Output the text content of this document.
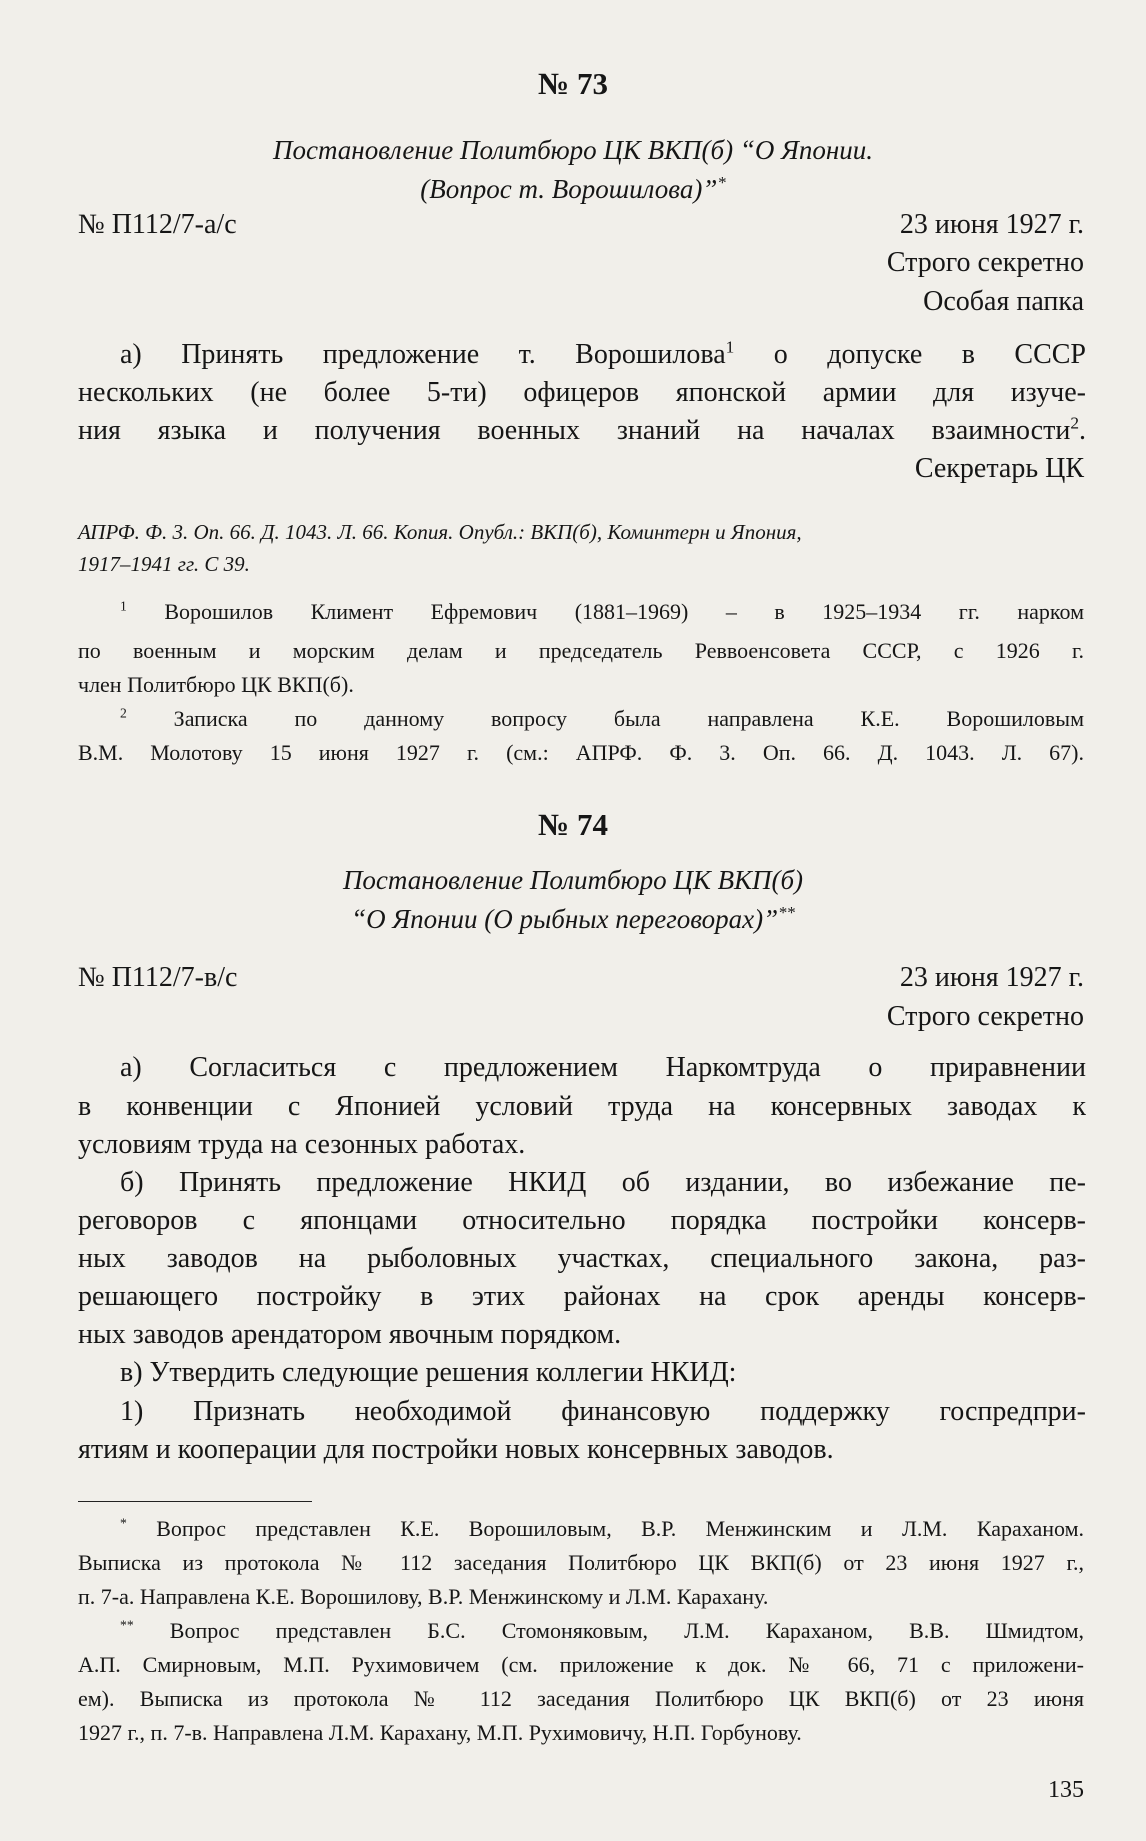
№ 73

Постановление Политбюро ЦК ВКП(б) “О Японии.

(Вопрос т. Ворошилова)”*

№ П112/7-а/с	23 июня 1927 г.

Строго секретно

Особая папка

а) Принять предложение т. Ворошилова$^1$ о допуске в СССР

нескольких (не более 5-ти) офицеров японской армии для изуче-

ния языка и получения военных знаний на началах взаимности$^2$.

Секретарь ЦК

АПРФ. Ф. 3. Оп. 66. Д. 1043. Л. 66. Копия. Опубл.: ВКП(б), Коминтерн и Япония,

1917–1941 гг. С 39.

$^1$ Ворошилов Климент Ефремович (1881–1969) – в 1925–1934 гг. нарком

по военным и морским делам и председатель Реввоенсовета СССР, с 1926 г.

член Политбюро ЦК ВКП(б).

$^2$ Записка по данному вопросу была направлена К.Е. Ворошиловым

В.М. Молотову 15 июня 1927 г. (см.: АПРФ. Ф. 3. Оп. 66. Д. 1043. Л. 67).

№ 74

Постановление Политбюро ЦК ВКП(б)

“О Японии (О рыбных переговорах)”**

№ П112/7-в/с	23 июня 1927 г.

Строго секретно

а) Согласиться с предложением Наркомтруда о приравнении

в конвенции с Японией условий труда на консервных заводах к

условиям труда на сезонных работах.

б) Принять предложение НКИД об издании, во избежание пе-

реговоров с японцами относительно порядка постройки консерв-

ных заводов на рыболовных участках, специального закона, раз-

решающего постройку в этих районах на срок аренды консерв-

ных заводов арендатором явочным порядком.

в) Утвердить следующие решения коллегии НКИД:

1) Признать необходимой финансовую поддержку госпредпри-

ятиям и кооперации для постройки новых консервных заводов.

* Вопрос представлен К.Е. Ворошиловым, В.Р. Менжинским и Л.М. Караханом.

Выписка из протокола № 112 заседания Политбюро ЦК ВКП(б) от 23 июня 1927 г.,

п. 7-а. Направлена К.Е. Ворошилову, В.Р. Менжинскому и Л.М. Карахану.

** Вопрос представлен Б.С. Стомоняковым, Л.М. Караханом, В.В. Шмидтом,

А.П. Смирновым, М.П. Рухимовичем (см. приложение к док. № 66, 71 с приложени-

ем). Выписка из протокола № 112 заседания Политбюро ЦК ВКП(б) от 23 июня

1927 г., п. 7-в. Направлена Л.М. Карахану, М.П. Рухимовичу, Н.П. Горбунову.

135
